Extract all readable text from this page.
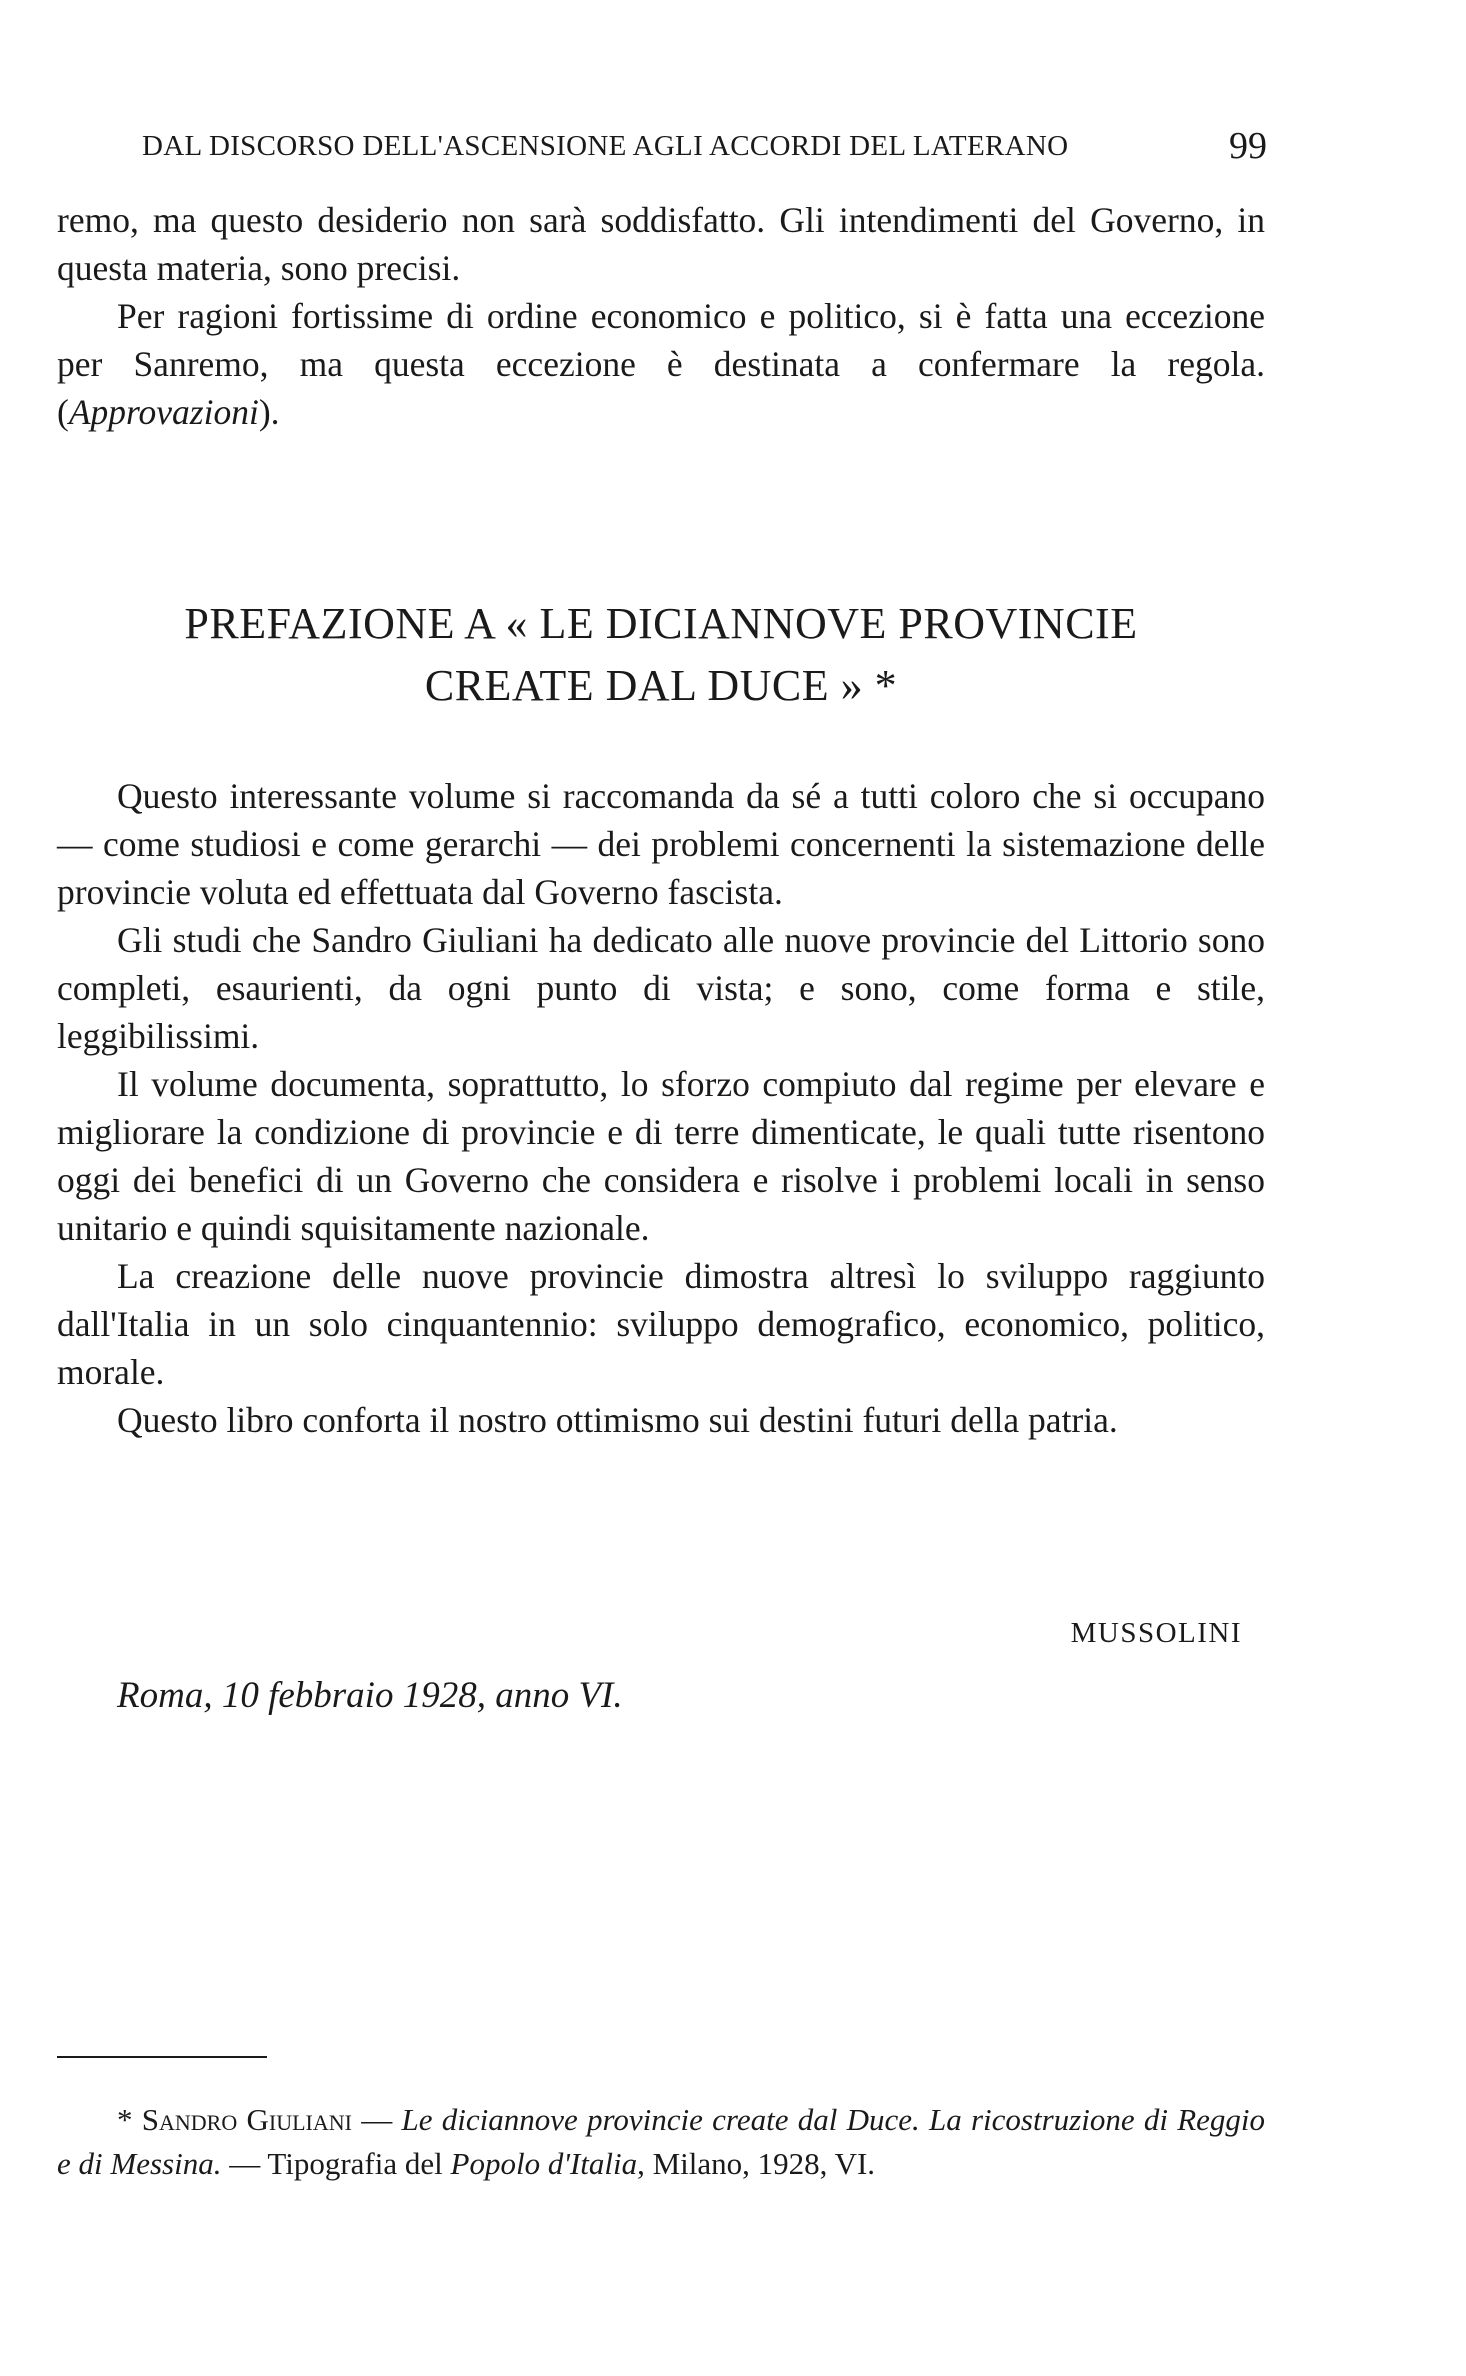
DAL DISCORSO DELL'ASCENSIONE AGLI ACCORDI DEL LATERANO	99

remo, ma questo desiderio non sarà soddisfatto. Gli intendimenti del Governo, in questa materia, sono precisi.

Per ragioni fortissime di ordine economico e politico, si è fatta una eccezione per Sanremo, ma questa eccezione è destinata a confermare la regola. (Approvazioni).

PREFAZIONE A « LE DICIANNOVE PROVINCIE
CREATE DAL DUCE » *

Questo interessante volume si raccomanda da sé a tutti coloro che si occupano — come studiosi e come gerarchi — dei problemi concernenti la sistemazione delle provincie voluta ed effettuata dal Governo fascista.

Gli studi che Sandro Giuliani ha dedicato alle nuove provincie del Littorio sono completi, esaurienti, da ogni punto di vista; e sono, come forma e stile, leggibilissimi.

Il volume documenta, soprattutto, lo sforzo compiuto dal regime per elevare e migliorare la condizione di provincie e di terre dimenticate, le quali tutte risentono oggi dei benefici di un Governo che considera e risolve i problemi locali in senso unitario e quindi squisitamente nazionale.

La creazione delle nuove provincie dimostra altresì lo sviluppo raggiunto dall'Italia in un solo cinquantennio: sviluppo demografico, economico, politico, morale.

Questo libro conforta il nostro ottimismo sui destini futuri della patria.

MUSSOLINI
Roma, 10 febbraio 1928, anno VI.

* Sandro Giuliani — Le diciannove provincie create dal Duce. La ricostruzione di Reggio e di Messina. — Tipografia del Popolo d'Italia, Milano, 1928, VI.
